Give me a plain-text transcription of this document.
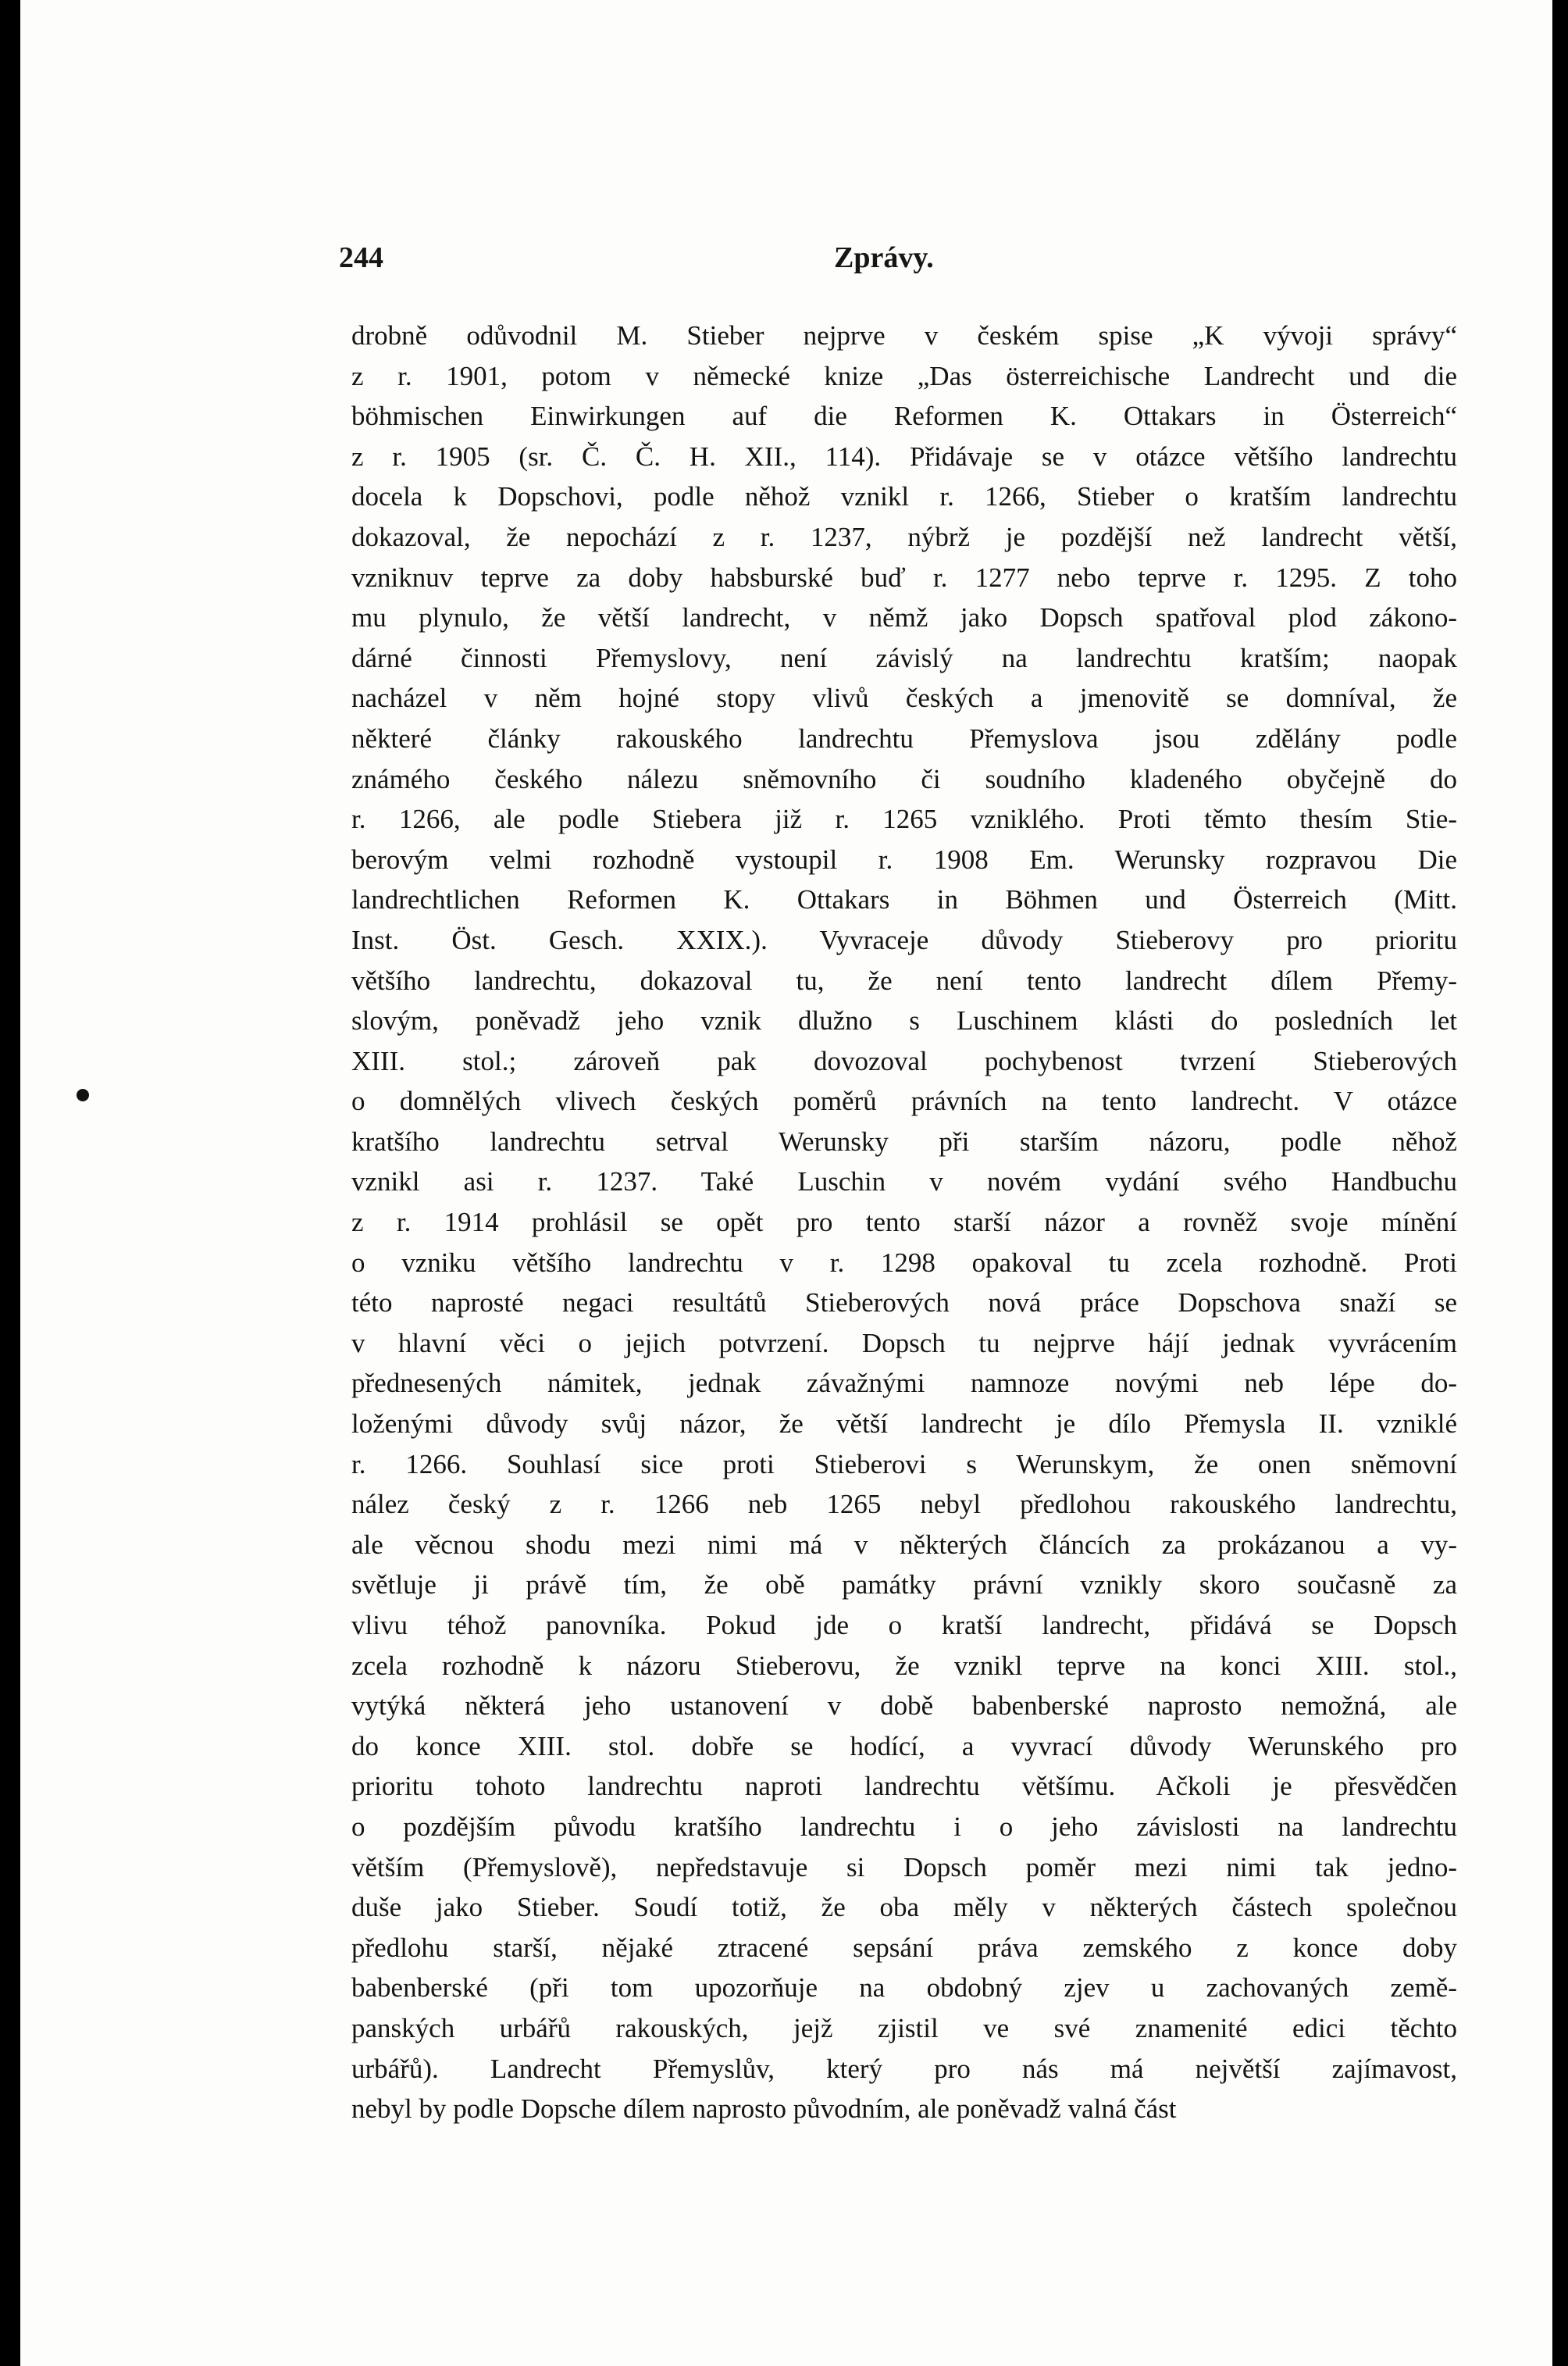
244	Zprávy.
drobně odůvodnil M. Stieber nejprve v českém spise „K vývoji správy“
z r. 1901, potom v německé knize „Das österreichische Landrecht und die
böhmischen Einwirkungen auf die Reformen K. Ottakars in Österreich“
z r. 1905 (sr. Č. Č. H. XII., 114). Přidávaje se v otázce většího landrechtu
docela k Dopschovi, podle něhož vznikl r. 1266, Stieber o kratším landrechtu
dokazoval, že nepochází z r. 1237, nýbrž je pozdější než landrecht větší,
vzniknuv teprve za doby habsburské buď r. 1277 nebo teprve r. 1295. Z toho
mu plynulo, že větší landrecht, v němž jako Dopsch spatřoval plod zákono-
dárné činnosti Přemyslovy, není závislý na landrechtu kratším; naopak
nacházel v něm hojné stopy vlivů českých a jmenovitě se domníval, že
některé články rakouského landrechtu Přemyslova jsou zdělány podle
známého českého nálezu sněmovního či soudního kladeného obyčejně do
r. 1266, ale podle Stiebera již r. 1265 vzniklého. Proti těmto thesím Stie-
berovým velmi rozhodně vystoupil r. 1908 Em. Werunsky rozpravou Die
landrechtlichen Reformen K. Ottakars in Böhmen und Österreich (Mitt.
Inst. Öst. Gesch. XXIX.). Vyvraceje důvody Stieberovy pro prioritu
většího landrechtu, dokazoval tu, že není tento landrecht dílem Přemy-
slovým, poněvadž jeho vznik dlužno s Luschinem klásti do posledních let
XIII. stol.; zároveň pak dovozoval pochybenost tvrzení Stieberových
o domnělých vlivech českých poměrů právních na tento landrecht. V otázce
kratšího landrechtu setrval Werunsky při starším názoru, podle něhož
vznikl asi r. 1237. Také Luschin v novém vydání svého Handbuchu
z r. 1914 prohlásil se opět pro tento starší názor a rovněž svoje mínění
o vzniku většího landrechtu v r. 1298 opakoval tu zcela rozhodně. Proti
této naprosté negaci resultátů Stieberových nová práce Dopschova snaží se
v hlavní věci o jejich potvrzení. Dopsch tu nejprve hájí jednak vyvrácením
přednesených námitek, jednak závažnými namnoze novými neb lépe do-
loženými důvody svůj názor, že větší landrecht je dílo Přemysla II. vzniklé
r. 1266. Souhlasí sice proti Stieberovi s Werunskym, že onen sněmovní
nález český z r. 1266 neb 1265 nebyl předlohou rakouského landrechtu,
ale věcnou shodu mezi nimi má v některých článcích za prokázanou a vy-
světluje ji právě tím, že obě památky právní vznikly skoro současně za
vlivu téhož panovníka. Pokud jde o kratší landrecht, přidává se Dopsch
zcela rozhodně k názoru Stieberovu, že vznikl teprve na konci XIII. stol.,
vytýká některá jeho ustanovení v době babenberské naprosto nemožná, ale
do konce XIII. stol. dobře se hodící, a vyvrací důvody Werunského pro
prioritu tohoto landrechtu naproti landrechtu většímu. Ačkoli je přesvědčen
o pozdějším původu kratšího landrechtu i o jeho závislosti na landrechtu
větším (Přemyslově), nepředstavuje si Dopsch poměr mezi nimi tak jedno-
duše jako Stieber. Soudí totiž, že oba měly v některých částech společnou
předlohu starší, nějaké ztracené sepsání práva zemského z konce doby
babenberské (při tom upozorňuje na obdobný zjev u zachovaných země-
panských urbářů rakouských, jejž zjistil ve své znamenité edici těchto
urbářů). Landrecht Přemyslův, který pro nás má největší zajímavost,
nebyl by podle Dopsche dílem naprosto původním, ale poněvadž valná část
